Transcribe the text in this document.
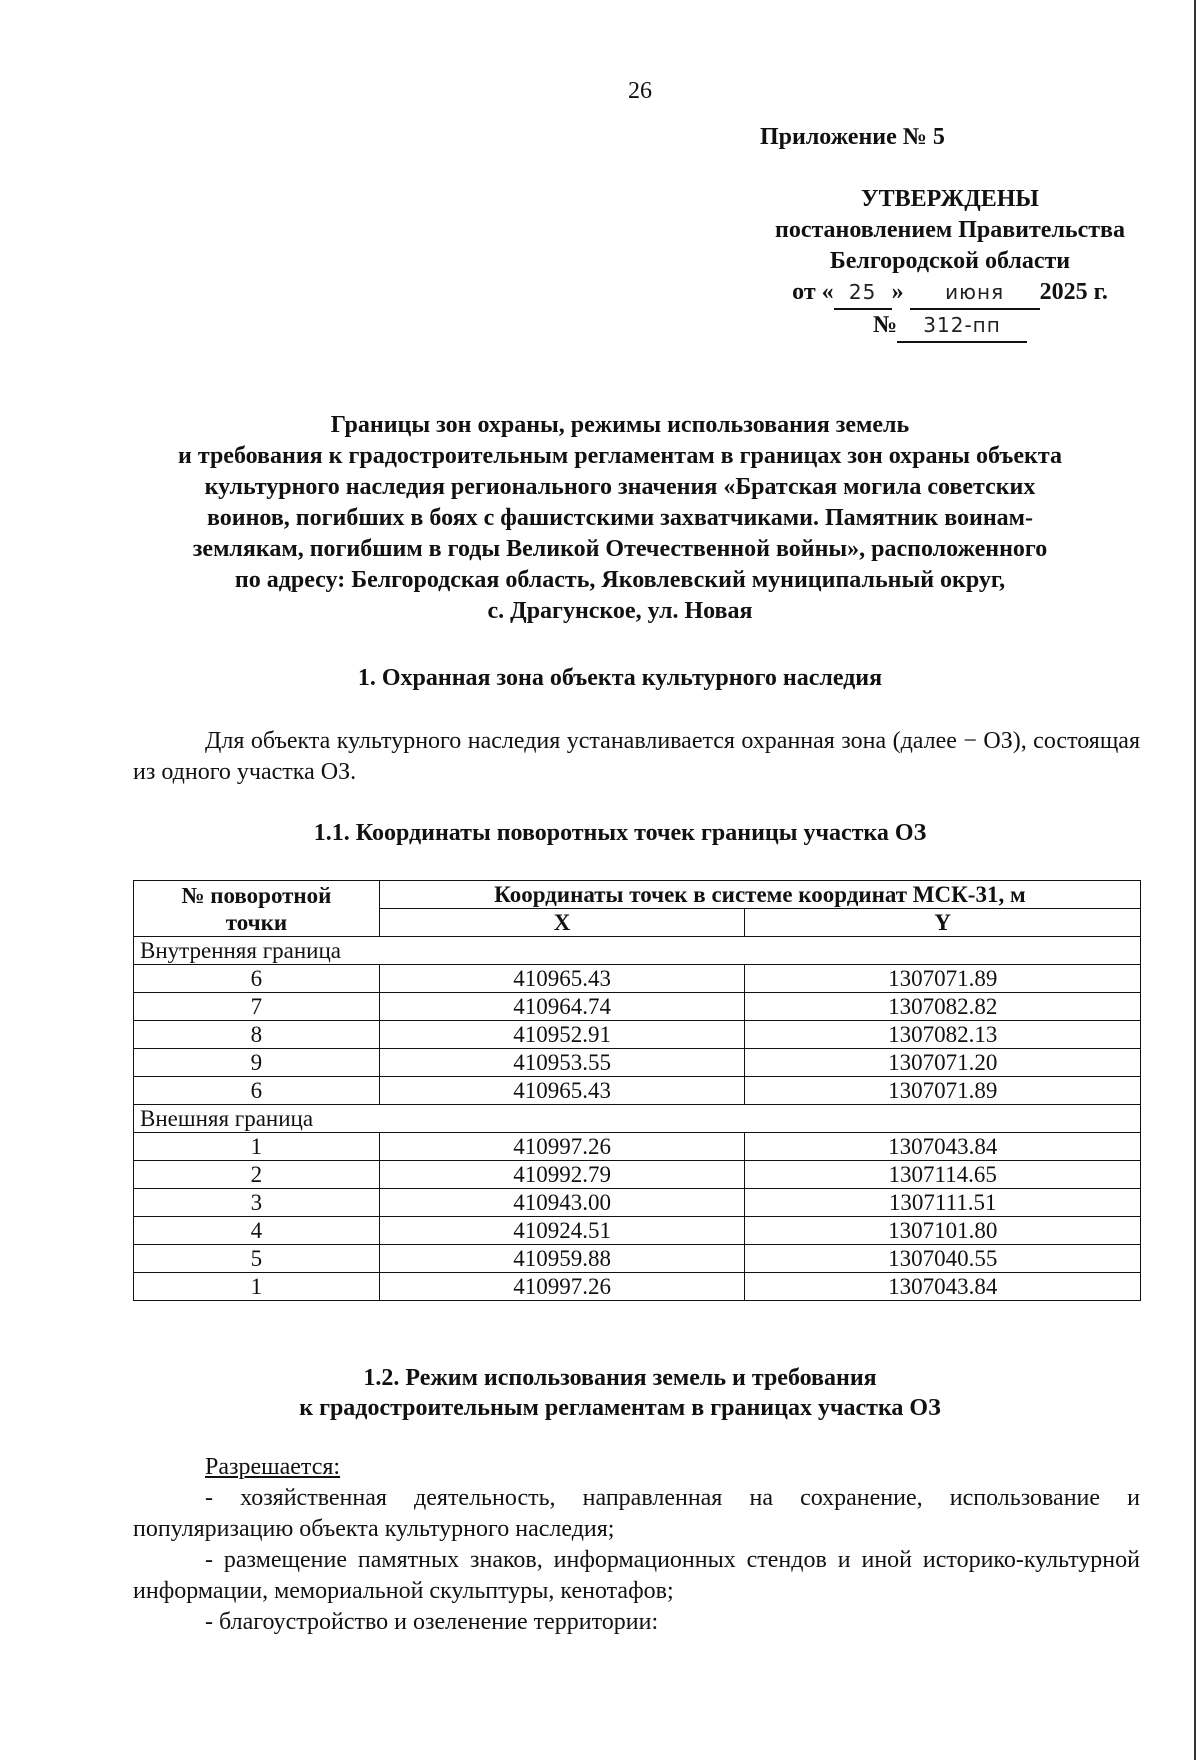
26
Приложение № 5
УТВЕРЖДЕНЫ
постановлением Правительства
Белгородской области
от « 25 » июня 2025 г.
№ 312-пп
Границы зон охраны, режимы использования земель
и требования к градостроительным регламентам в границах зон охраны объекта
культурного наследия регионального значения «Братская могила советских
воинов, погибших в боях с фашистскими захватчиками. Памятник воинам-
землякам, погибшим в годы Великой Отечественной войны», расположенного
по адресу: Белгородская область, Яковлевский муниципальный округ,
с. Драгунское, ул. Новая
1. Охранная зона объекта культурного наследия
Для объекта культурного наследия устанавливается охранная зона (далее − ОЗ), состоящая из одного участка ОЗ.
1.1. Координаты поворотных точек границы участка ОЗ
№ поворотной
точки	Координаты точек в системе координат МСК-31, м	
	X	Y
Внутренняя граница		
6	410965.43	1307071.89
7	410964.74	1307082.82
8	410952.91	1307082.13
9	410953.55	1307071.20
6	410965.43	1307071.89
Внешняя граница		
1	410997.26	1307043.84
2	410992.79	1307114.65
3	410943.00	1307111.51
4	410924.51	1307101.80
5	410959.88	1307040.55
1	410997.26	1307043.84
1.2. Режим использования земель и требования
к градостроительным регламентам в границах участка ОЗ

Разрешается:

- хозяйственная деятельность, направленная на сохранение, использование и популяризацию объекта культурного наследия;

- размещение памятных знаков, информационных стендов и иной историко-культурной информации, мемориальной скульптуры, кенотафов;

- благоустройство и озеленение территории:
